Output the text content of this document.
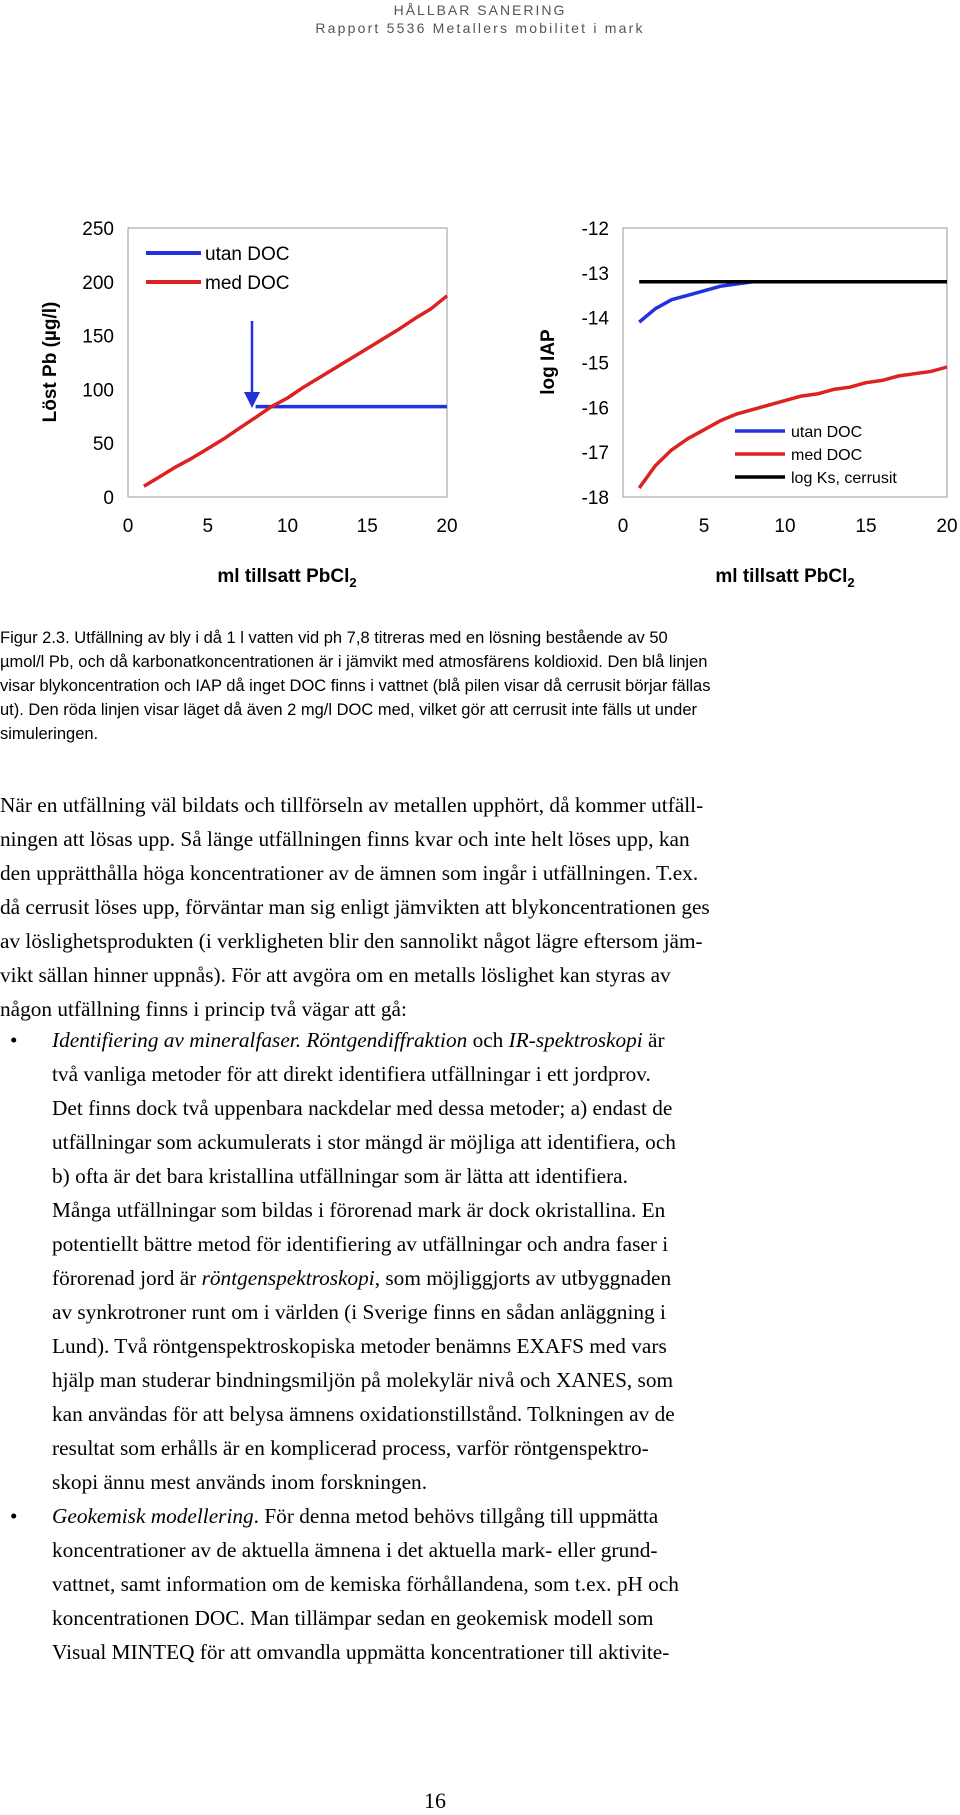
HÅLLBAR SANERING
Rapport 5536 Metallers mobilitet i mark
250
200
150
100
50
0
0	5	10	15	20
Löst Pb (µg/l)
ml tillsatt PbCl$_2$
utan DOC
med DOC
-12
-13
-14
-15
-16
-17
-18
0	5	10	15	20
log IAP
ml tillsatt PbCl$_2$
utan DOC
med DOC
log Ks, cerrusit
Figur 2.3. Utfällning av bly i då 1 l vatten vid ph 7,8 titreras med en lösning bestående av 50
µmol/l Pb, och då karbonatkoncentrationen är i jämvikt med atmosfärens koldioxid. Den blå linjen
visar blykoncentration och IAP då inget DOC finns i vattnet (blå pilen visar då cerrusit börjar fällas
ut). Den röda linjen visar läget då även 2 mg/l DOC med, vilket gör att cerrusit inte fälls ut under
simuleringen.
När en utfällning väl bildats och tillförseln av metallen upphört, då kommer utfäll-
ningen att lösas upp. Så länge utfällningen finns kvar och inte helt löses upp, kan
den upprätthålla höga koncentrationer av de ämnen som ingår i utfällningen. T.ex.
då cerrusit löses upp, förväntar man sig enligt jämvikten att blykoncentrationen ges
av löslighetsprodukten (i verkligheten blir den sannolikt något lägre eftersom jäm-
vikt sällan hinner uppnås). För att avgöra om en metalls löslighet kan styras av
någon utfällning finns i princip två vägar att gå:
• Identifiering av mineralfaser. Röntgendiffraktion och IR-spektroskopi är
två vanliga metoder för att direkt identifiera utfällningar i ett jordprov.
Det finns dock två uppenbara nackdelar med dessa metoder; a) endast de
utfällningar som ackumulerats i stor mängd är möjliga att identifiera, och
b) ofta är det bara kristallina utfällningar som är lätta att identifiera.
Många utfällningar som bildas i förorenad mark är dock okristallina. En
potentiellt bättre metod för identifiering av utfällningar och andra faser i
förorenad jord är röntgenspektroskopi, som möjliggjorts av utbyggnaden
av synkrotroner runt om i världen (i Sverige finns en sådan anläggning i
Lund). Två röntgenspektroskopiska metoder benämns EXAFS med vars
hjälp man studerar bindningsmiljön på molekylär nivå och XANES, som
kan användas för att belysa ämnens oxidationstillstånd. Tolkningen av de
resultat som erhålls är en komplicerad process, varför röntgenspektro-
skopi ännu mest används inom forskningen.
• Geokemisk modellering. För denna metod behövs tillgång till uppmätta
koncentrationer av de aktuella ämnena i det aktuella mark- eller grund-
vattnet, samt information om de kemiska förhållandena, som t.ex. pH och
koncentrationen DOC. Man tillämpar sedan en geokemisk modell som
Visual MINTEQ för att omvandla uppmätta koncentrationer till aktivite-
16
